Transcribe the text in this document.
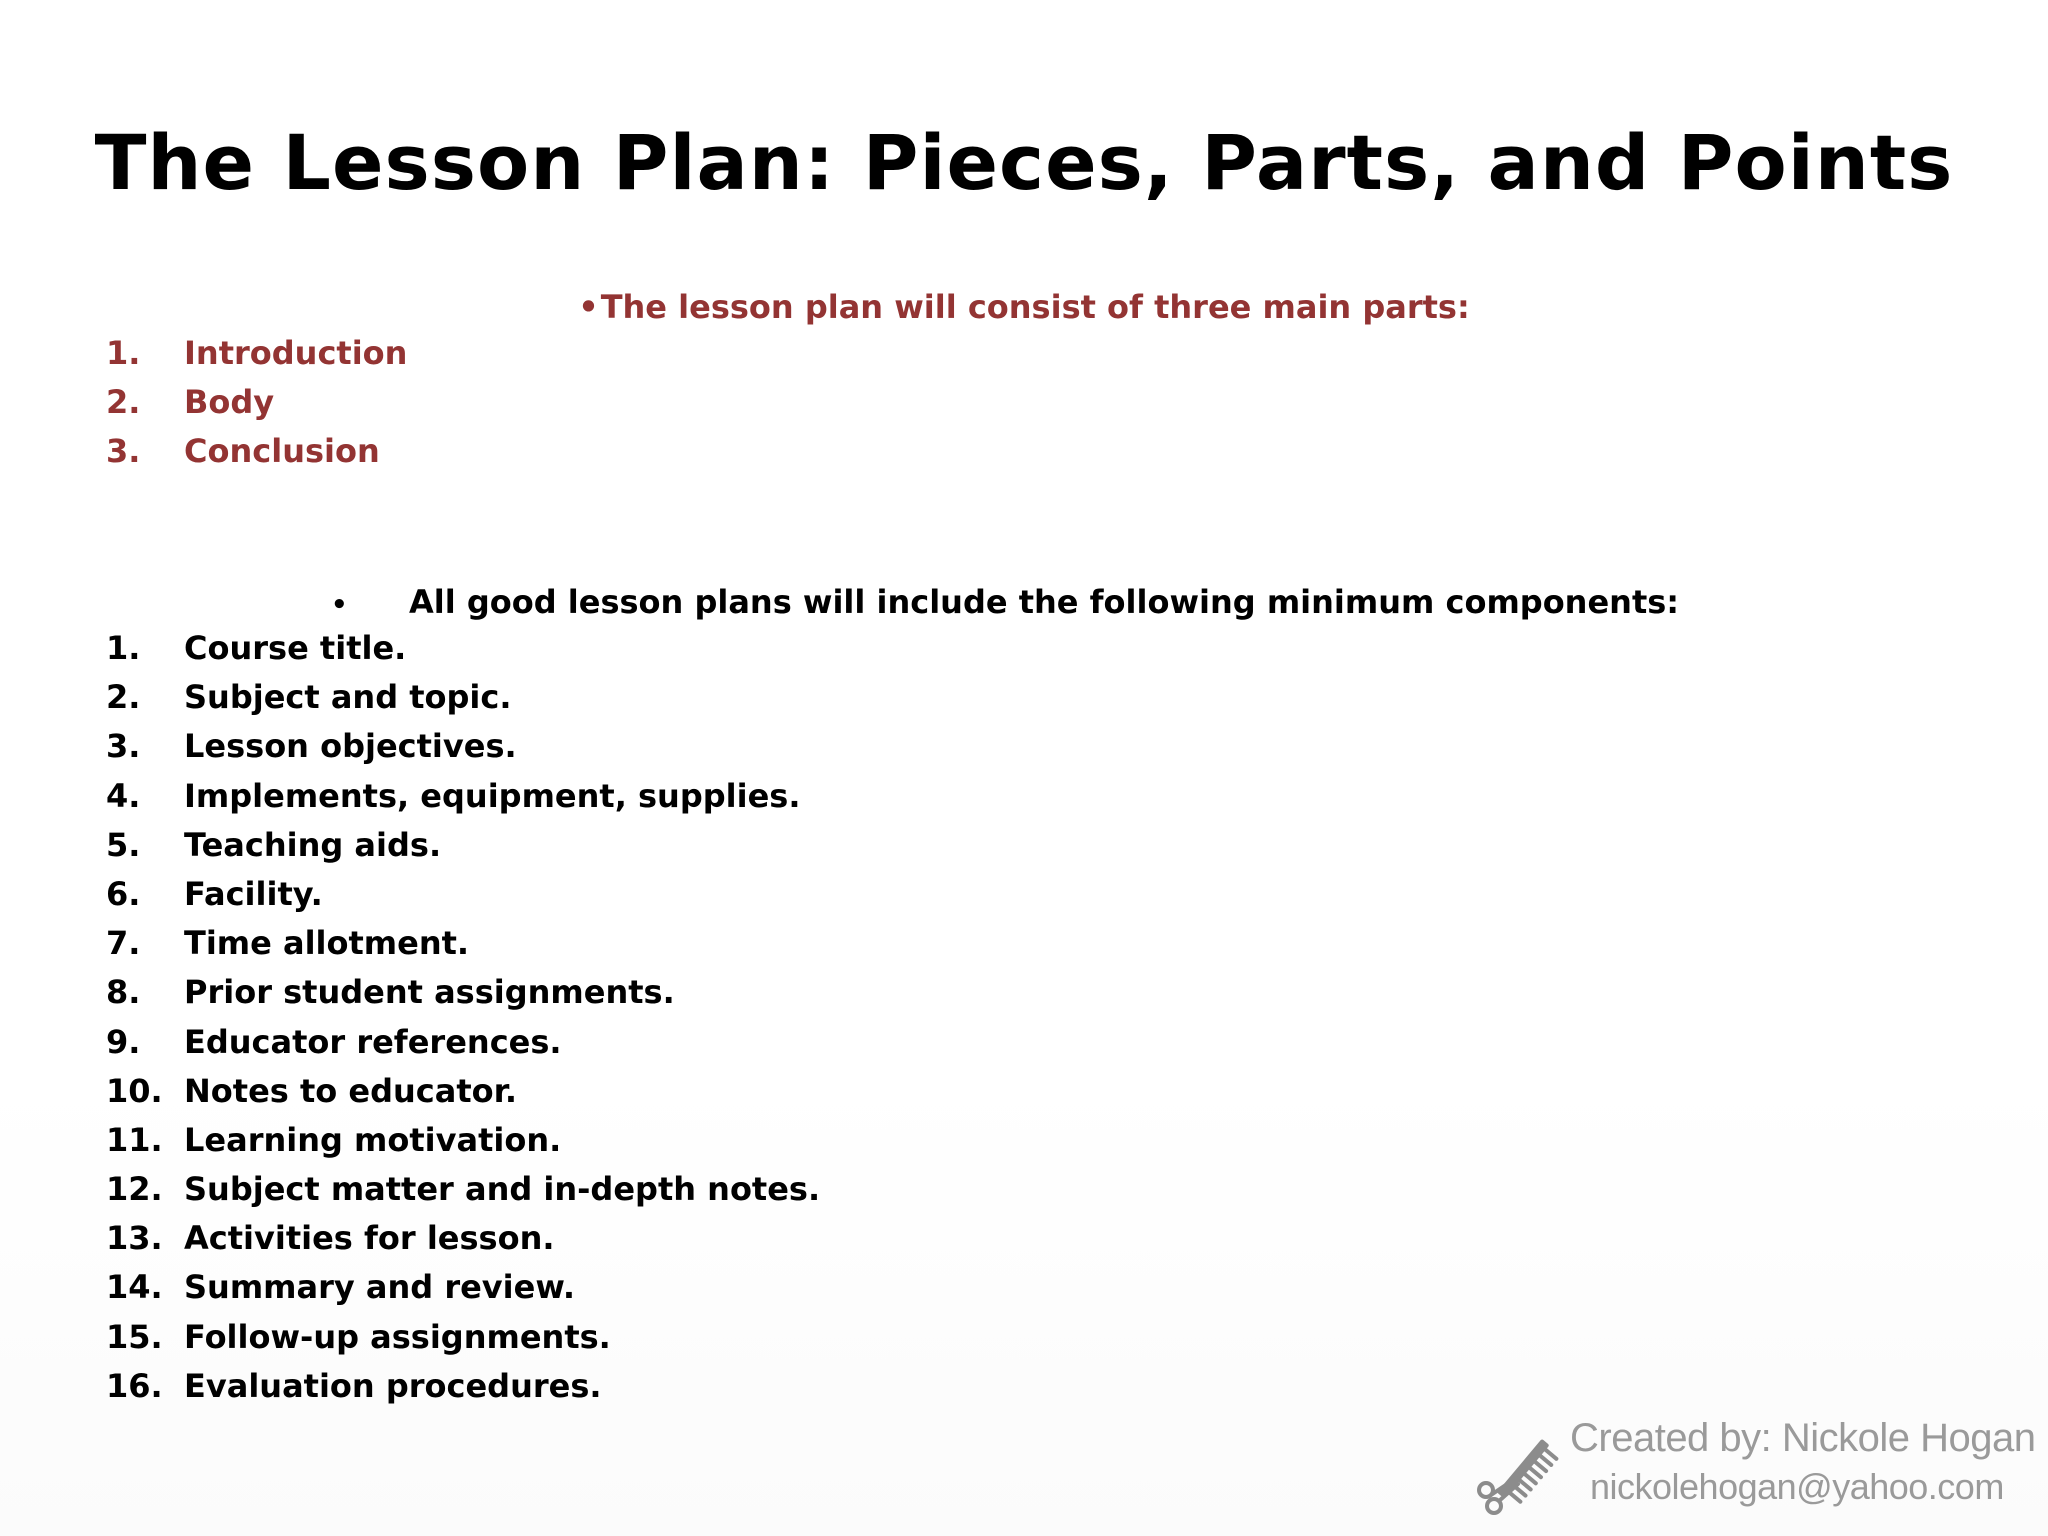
The Lesson Plan: Pieces, Parts, and Points
•The lesson plan will consist of three main parts:
1.	Introduction
2.	Body
3.	Conclusion
• All good lesson plans will include the following minimum components:
1.	Course title.
2.	Subject and topic.
3.	Lesson objectives.
4.	Implements, equipment, supplies.
5.	Teaching aids.
6.	Facility.
7.	Time allotment.
8.	Prior student assignments.
9.	Educator references.
10. Notes to educator.
11. Learning motivation.
12. Subject matter and in-depth notes.
13. Activities for lesson.
14. Summary and review.
15. Follow-up assignments.
16. Evaluation procedures.
Created by: Nickole Hogan
nickolehogan@yahoo.com
